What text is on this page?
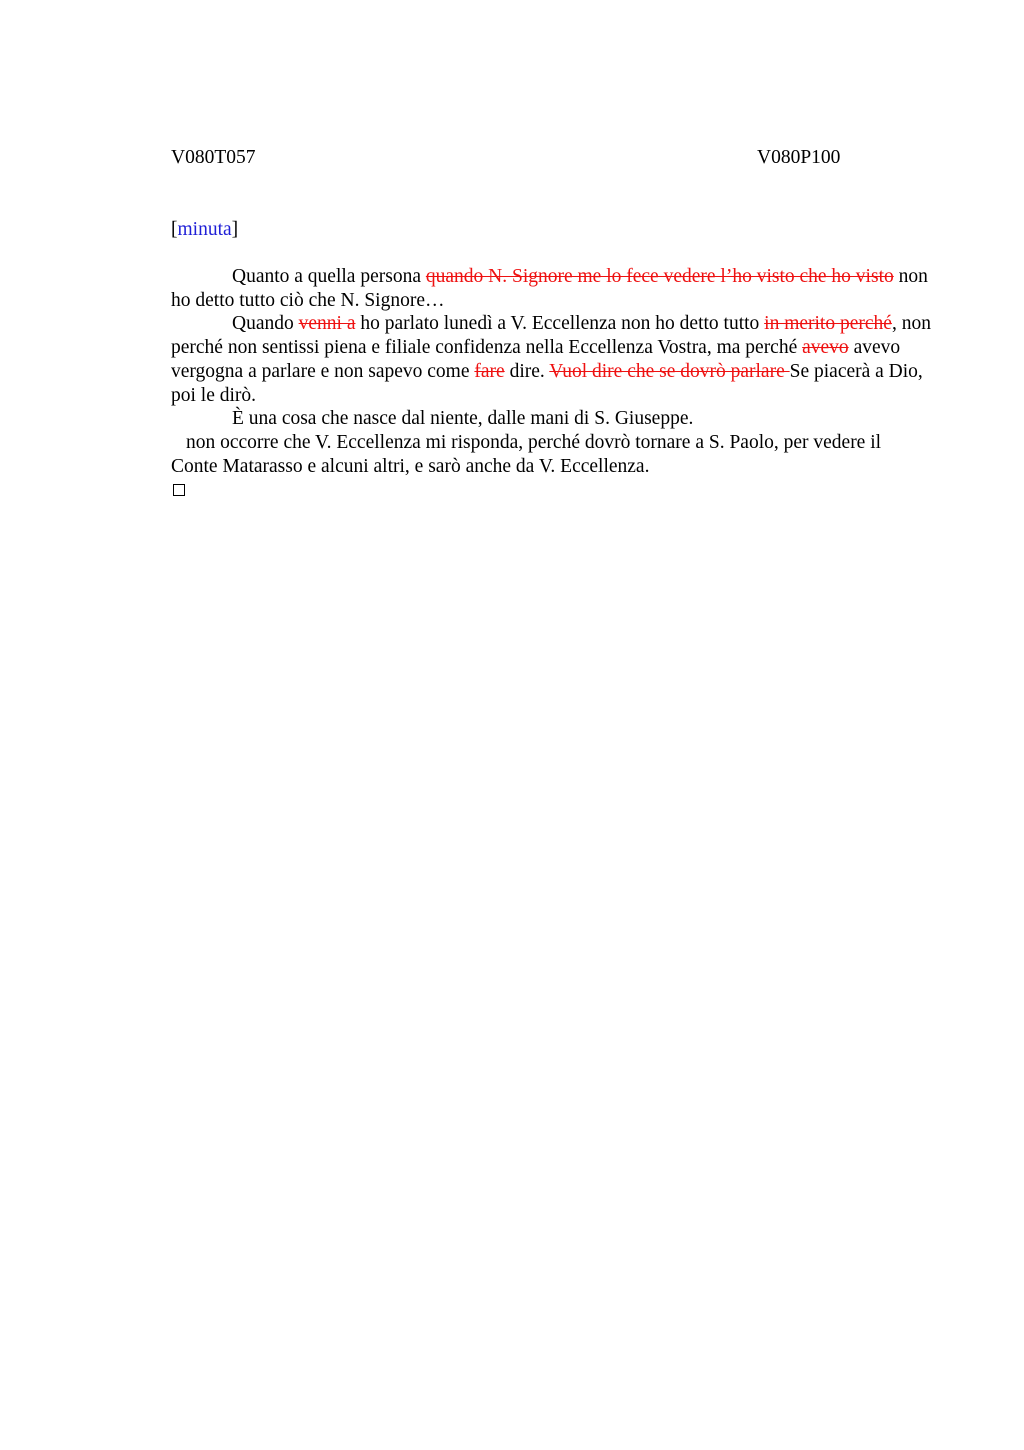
V080T057	V080P100
[minuta]

Quanto a quella persona quando N. Signore me lo fece vedere l’ho visto che ho visto non ho detto tutto ciò che N. Signore…

Quando venni a ho parlato lunedì a V. Eccellenza non ho detto tutto in merito perché, non perché non sentissi piena e filiale confidenza nella Eccellenza Vostra, ma perché avevo avevo vergogna a parlare e non sapevo come fare dire. Vuol dire che se dovrò parlare Se piacerà a Dio, poi le dirò.

È una cosa che nasce dal niente, dalle mani di S. Giuseppe.

non occorre che V. Eccellenza mi risponda, perché dovrò tornare a S. Paolo, per vedere il Conte Matarasso e alcuni altri, e sarò anche da V. Eccellenza.
